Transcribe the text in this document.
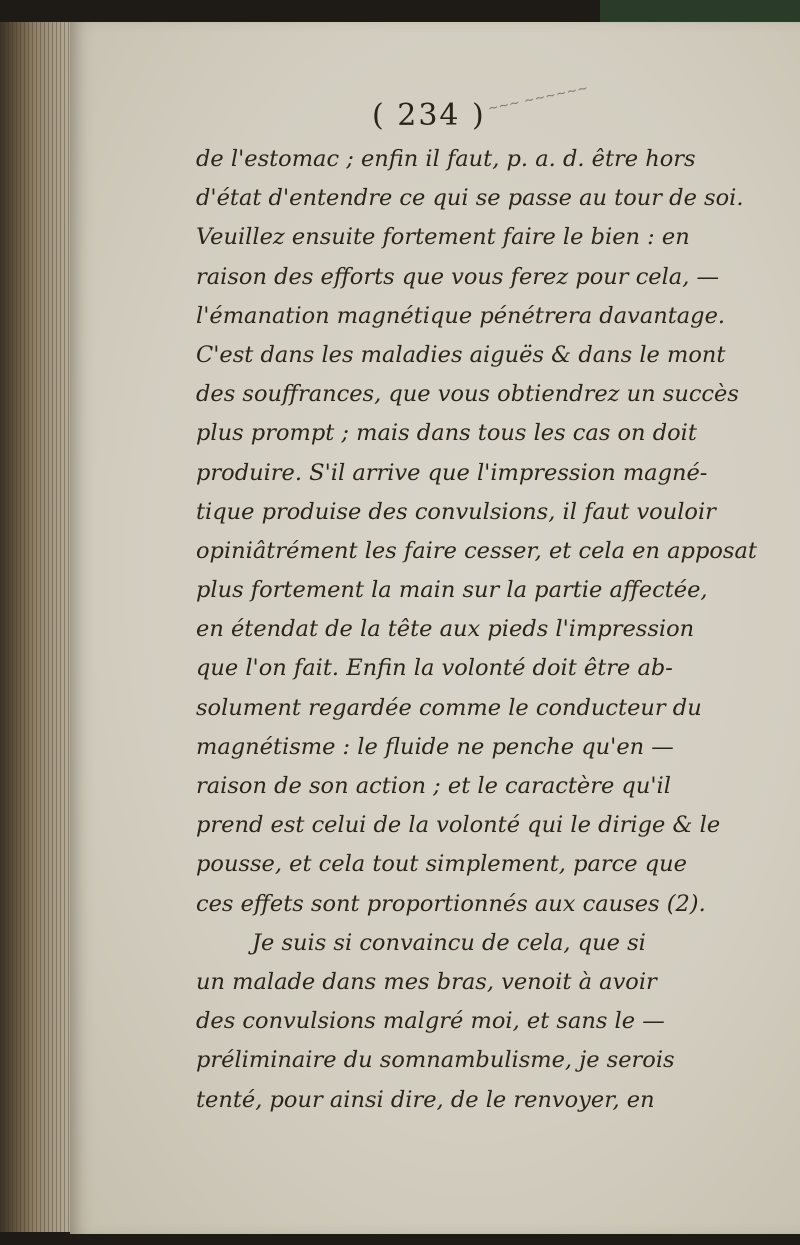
( 234 ) ~~~ ~~~~~~
de l'estomac ; enfin il faut, p. a. d. être hors
d'état d'entendre ce qui se passe au tour de soi.
Veuillez ensuite fortement faire le bien : en
raison des efforts que vous ferez pour cela, —
l'émanation magnétique pénétrera davantage.
C'est dans les maladies aiguës & dans le mont
des souffrances, que vous obtiendrez un succès
plus prompt ; mais dans tous les cas on doit
produire. S'il arrive que l'impression magné-
tique produise des convulsions, il faut vouloir
opiniâtrément les faire cesser, et cela en apposat
plus fortement la main sur la partie affectée,
en étendat de la tête aux pieds l'impression
que l'on fait. Enfin la volonté doit être ab-
solument regardée comme le conducteur du
magnétisme : le fluide ne penche qu'en —
raison de son action ; et le caractère qu'il
prend est celui de la volonté qui le dirige & le
pousse, et cela tout simplement, parce que
ces effets sont proportionnés aux causes (2).
Je suis si convaincu de cela, que si
un malade dans mes bras, venoit à avoir
des convulsions malgré moi, et sans le —
préliminaire du somnambulisme, je serois
tenté, pour ainsi dire, de le renvoyer, en
